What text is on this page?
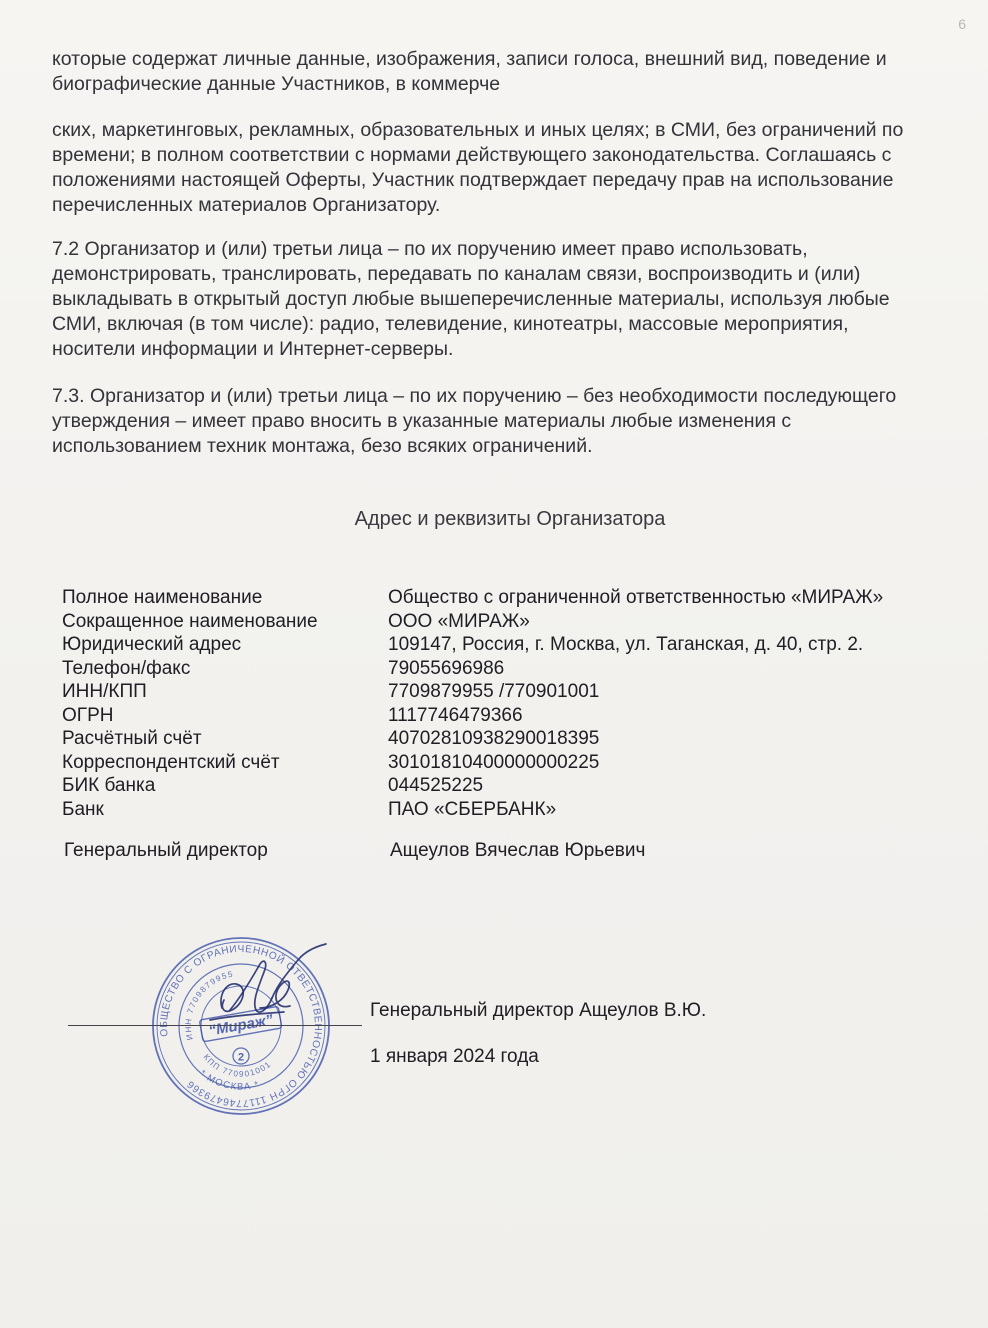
6

которые содержат личные данные, изображения, записи голоса, внешний вид, поведение и
биографические данные Участников, в коммерче

ских, маркетинговых, рекламных, образовательных и иных целях; в СМИ, без ограничений по
времени; в полном соответствии с нормами действующего законодательства. Соглашаясь с
положениями настоящей Оферты, Участник подтверждает передачу прав на использование
перечисленных материалов Организатору.

7.2 Организатор и (или) третьи лица – по их поручению имеет право использовать,
демонстрировать, транслировать, передавать по каналам связи, воспроизводить и (или)
выкладывать в открытый доступ любые вышеперечисленные материалы, используя любые
СМИ, включая (в том числе): радио, телевидение, кинотеатры, массовые мероприятия,
носители информации и Интернет-серверы.

7.3. Организатор и (или) третьи лица – по их поручению – без необходимости последующего
утверждения – имеет право вносить в указанные материалы любые изменения с
использованием техник монтажа, безо всяких ограничений.

Адрес и реквизиты Организатора
Полное наименование	Общество с ограниченной ответственностью «МИРАЖ»
Сокращенное наименование	ООО «МИРАЖ»
Юридический адрес	109147, Россия, г. Москва, ул. Таганская, д. 40, стр. 2.
Телефон/факс	79055696986
ИНН/КПП	7709879955 /770901001
ОГРН	1117746479366
Расчётный счёт	40702810938290018395
Корреспондентский счёт	30101810400000000225
БИК банка	044525225
Банк	ПАО «СБЕРБАНК»
Генеральный директор	Ащеулов Вячеслав Юрьевич
ОБЩЕСТВО С ОГРАНИЧЕННОЙ ОТВЕТСТВЕННОСТЬЮ ОГРН 1117746479366
* МОСКВА *
ИНН 7709879955
КПП 770901001
“Мираж”
2
Генеральный директор Ащеулов В.Ю.
1 января 2024 года
